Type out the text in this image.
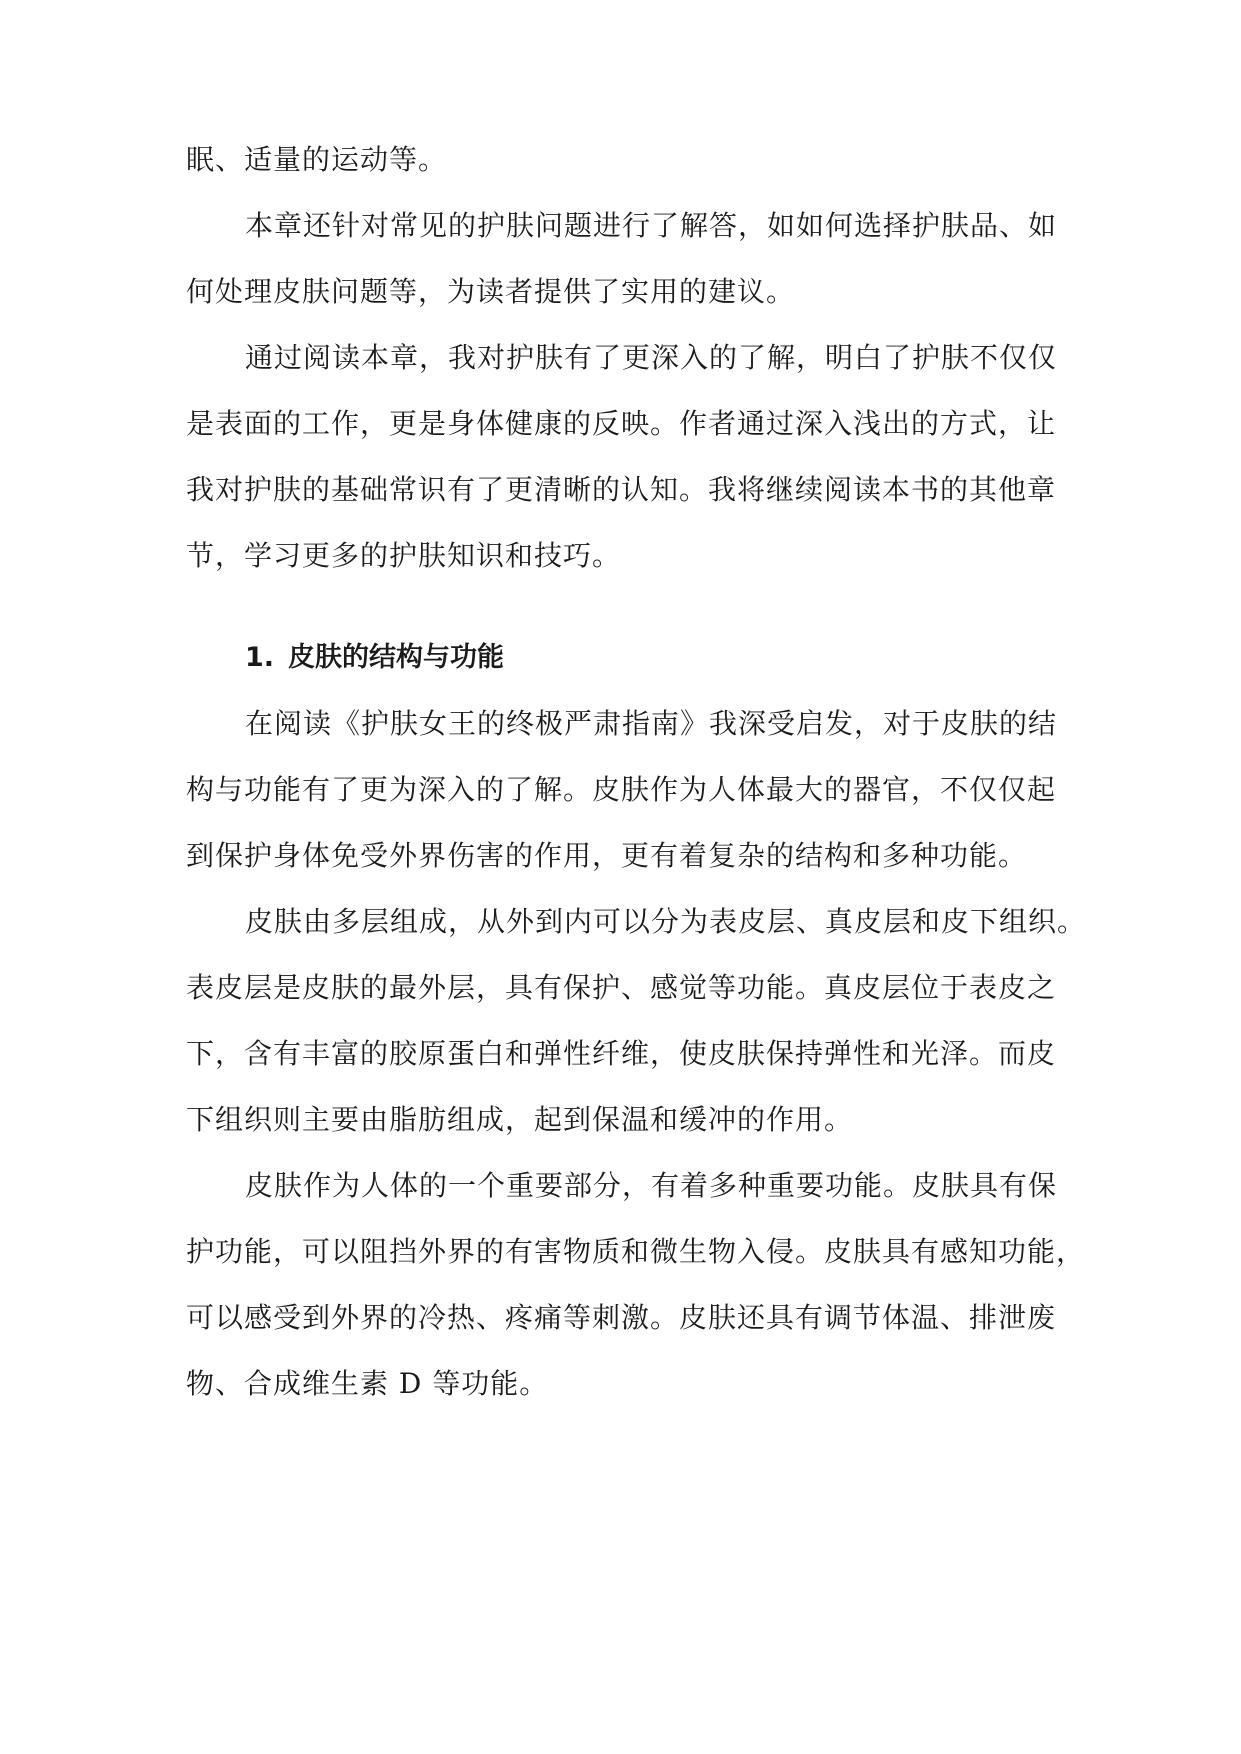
眠、适量的运动等。
本章还针对常见的护肤问题进行了解答，如如何选择护肤品、如
何处理皮肤问题等，为读者提供了实用的建议。
通过阅读本章，我对护肤有了更深入的了解，明白了护肤不仅仅
是表面的工作，更是身体健康的反映。作者通过深入浅出的方式，让
我对护肤的基础常识有了更清晰的认知。我将继续阅读本书的其他章
节，学习更多的护肤知识和技巧。
1. 皮肤的结构与功能
在阅读《护肤女王的终极严肃指南》我深受启发，对于皮肤的结
构与功能有了更为深入的了解。皮肤作为人体最大的器官，不仅仅起
到保护身体免受外界伤害的作用，更有着复杂的结构和多种功能。
皮肤由多层组成，从外到内可以分为表皮层、真皮层和皮下组织。
表皮层是皮肤的最外层，具有保护、感觉等功能。真皮层位于表皮之
下，含有丰富的胶原蛋白和弹性纤维，使皮肤保持弹性和光泽。而皮
下组织则主要由脂肪组成，起到保温和缓冲的作用。
皮肤作为人体的一个重要部分，有着多种重要功能。皮肤具有保
护功能，可以阻挡外界的有害物质和微生物入侵。皮肤具有感知功能，
可以感受到外界的冷热、疼痛等刺激。皮肤还具有调节体温、排泄废
物、合成维生素 D 等功能。
